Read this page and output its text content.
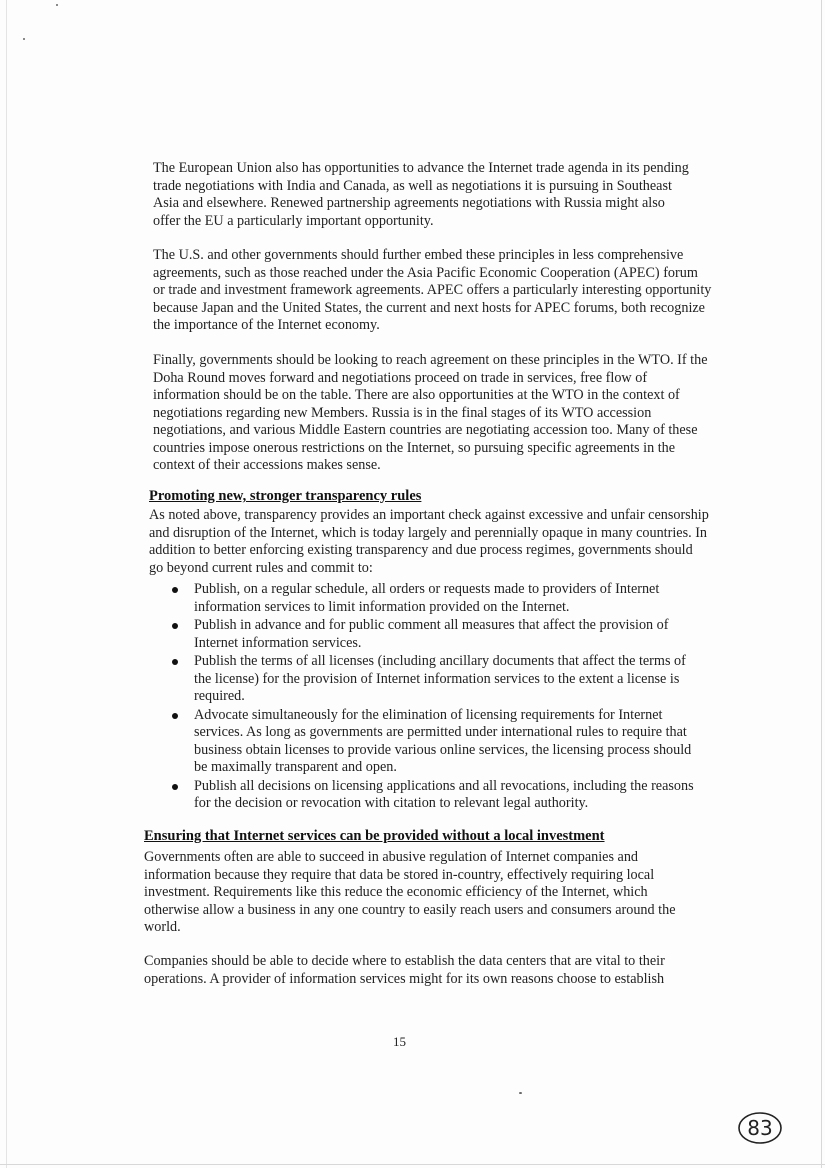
The European Union also has opportunities to advance the Internet trade agenda in its pending trade negotiations with India and Canada, as well as negotiations it is pursuing in Southeast Asia and elsewhere. Renewed partnership agreements negotiations with Russia might also offer the EU a particularly important opportunity.

The U.S. and other governments should further embed these principles in less comprehensive agreements, such as those reached under the Asia Pacific Economic Cooperation (APEC) forum or trade and investment framework agreements. APEC offers a particularly interesting opportunity because Japan and the United States, the current and next hosts for APEC forums, both recognize the importance of the Internet economy.

Finally, governments should be looking to reach agreement on these principles in the WTO. If the Doha Round moves forward and negotiations proceed on trade in services, free flow of information should be on the table. There are also opportunities at the WTO in the context of negotiations regarding new Members. Russia is in the final stages of its WTO accession negotiations, and various Middle Eastern countries are negotiating accession too. Many of these countries impose onerous restrictions on the Internet, so pursuing specific agreements in the context of their accessions makes sense.

Promoting new, stronger transparency rules

As noted above, transparency provides an important check against excessive and unfair censorship and disruption of the Internet, which is today largely and perennially opaque in many countries. In addition to better enforcing existing transparency and due process regimes, governments should go beyond current rules and commit to:

Publish, on a regular schedule, all orders or requests made to providers of Internet information services to limit information provided on the Internet.
Publish in advance and for public comment all measures that affect the provision of Internet information services.
Publish the terms of all licenses (including ancillary documents that affect the terms of the license) for the provision of Internet information services to the extent a license is required.
Advocate simultaneously for the elimination of licensing requirements for Internet services. As long as governments are permitted under international rules to require that business obtain licenses to provide various online services, the licensing process should be maximally transparent and open.
Publish all decisions on licensing applications and all revocations, including the reasons for the decision or revocation with citation to relevant legal authority.
Ensuring that Internet services can be provided without a local investment

Governments often are able to succeed in abusive regulation of Internet companies and information because they require that data be stored in-country, effectively requiring local investment. Requirements like this reduce the economic efficiency of the Internet, which otherwise allow a business in any one country to easily reach users and consumers around the world.

Companies should be able to decide where to establish the data centers that are vital to their operations. A provider of information services might for its own reasons choose to establish

15
83
